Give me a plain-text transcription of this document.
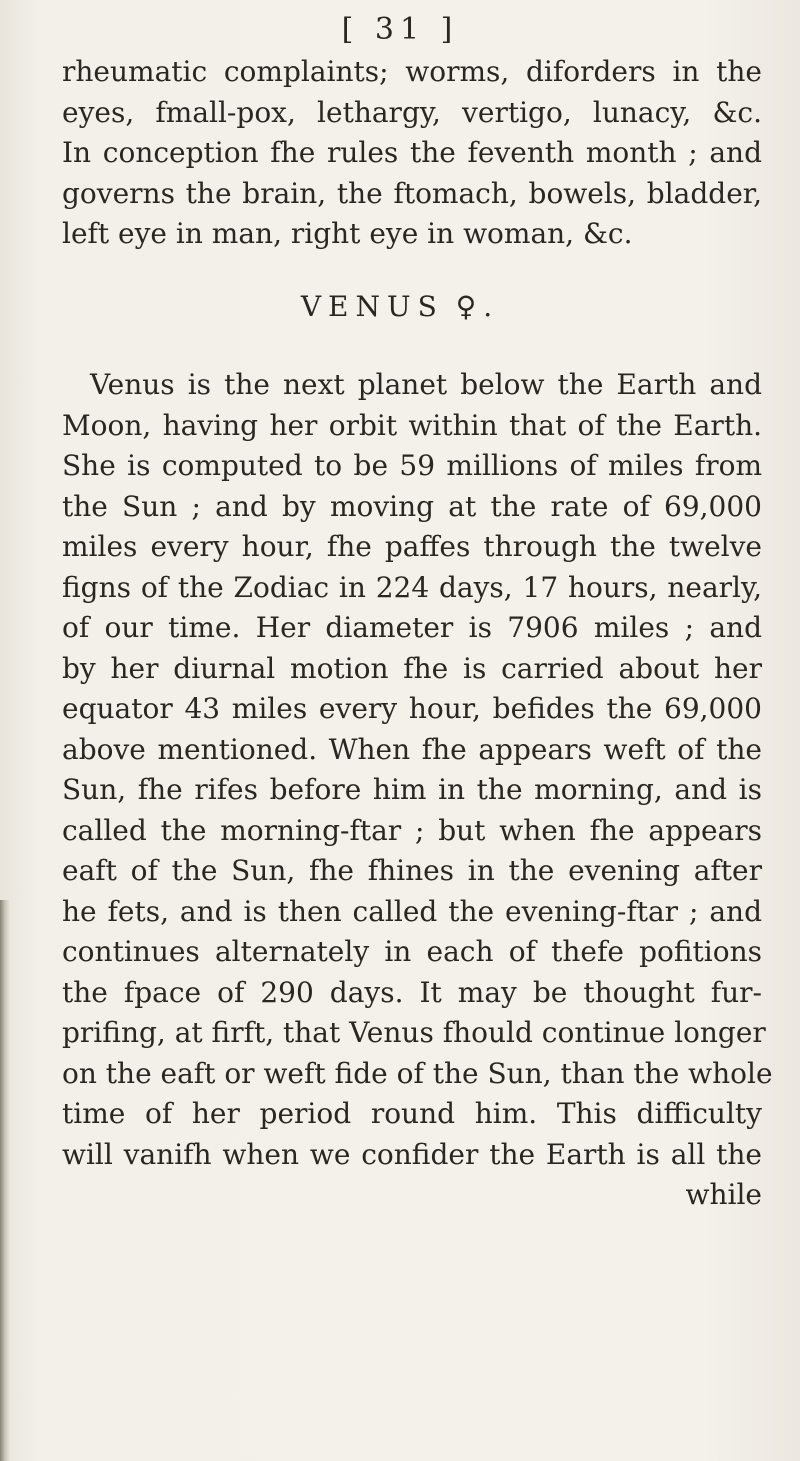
[ 31 ]
rheumatic complaints; worms, diforders in the
eyes, fmall-pox, lethargy, vertigo, lunacy, &c.
In conception fhe rules the feventh month ; and
governs the brain, the ftomach, bowels, bladder,
left eye in man, right eye in woman, &c.
VENUS ♀.
Venus is the next planet below the Earth and
Moon, having her orbit within that of the Earth.
She is computed to be 59 millions of miles from
the Sun ; and by moving at the rate of 69,000
miles every hour, fhe paffes through the twelve
figns of the Zodiac in 224 days, 17 hours, nearly,
of our time. Her diameter is 7906 miles ; and
by her diurnal motion fhe is carried about her
equator 43 miles every hour, befides the 69,000
above mentioned. When fhe appears weft of the
Sun, fhe rifes before him in the morning, and is
called the morning-ftar ; but when fhe appears
eaft of the Sun, fhe fhines in the evening after
he fets, and is then called the evening-ftar ; and
continues alternately in each of thefe pofitions
the fpace of 290 days. It may be thought fur-
prifing, at firft, that Venus fhould continue longer
on the eaft or weft fide of the Sun, than the whole
time of her period round him. This difficulty
will vanifh when we confider the Earth is all the
while
